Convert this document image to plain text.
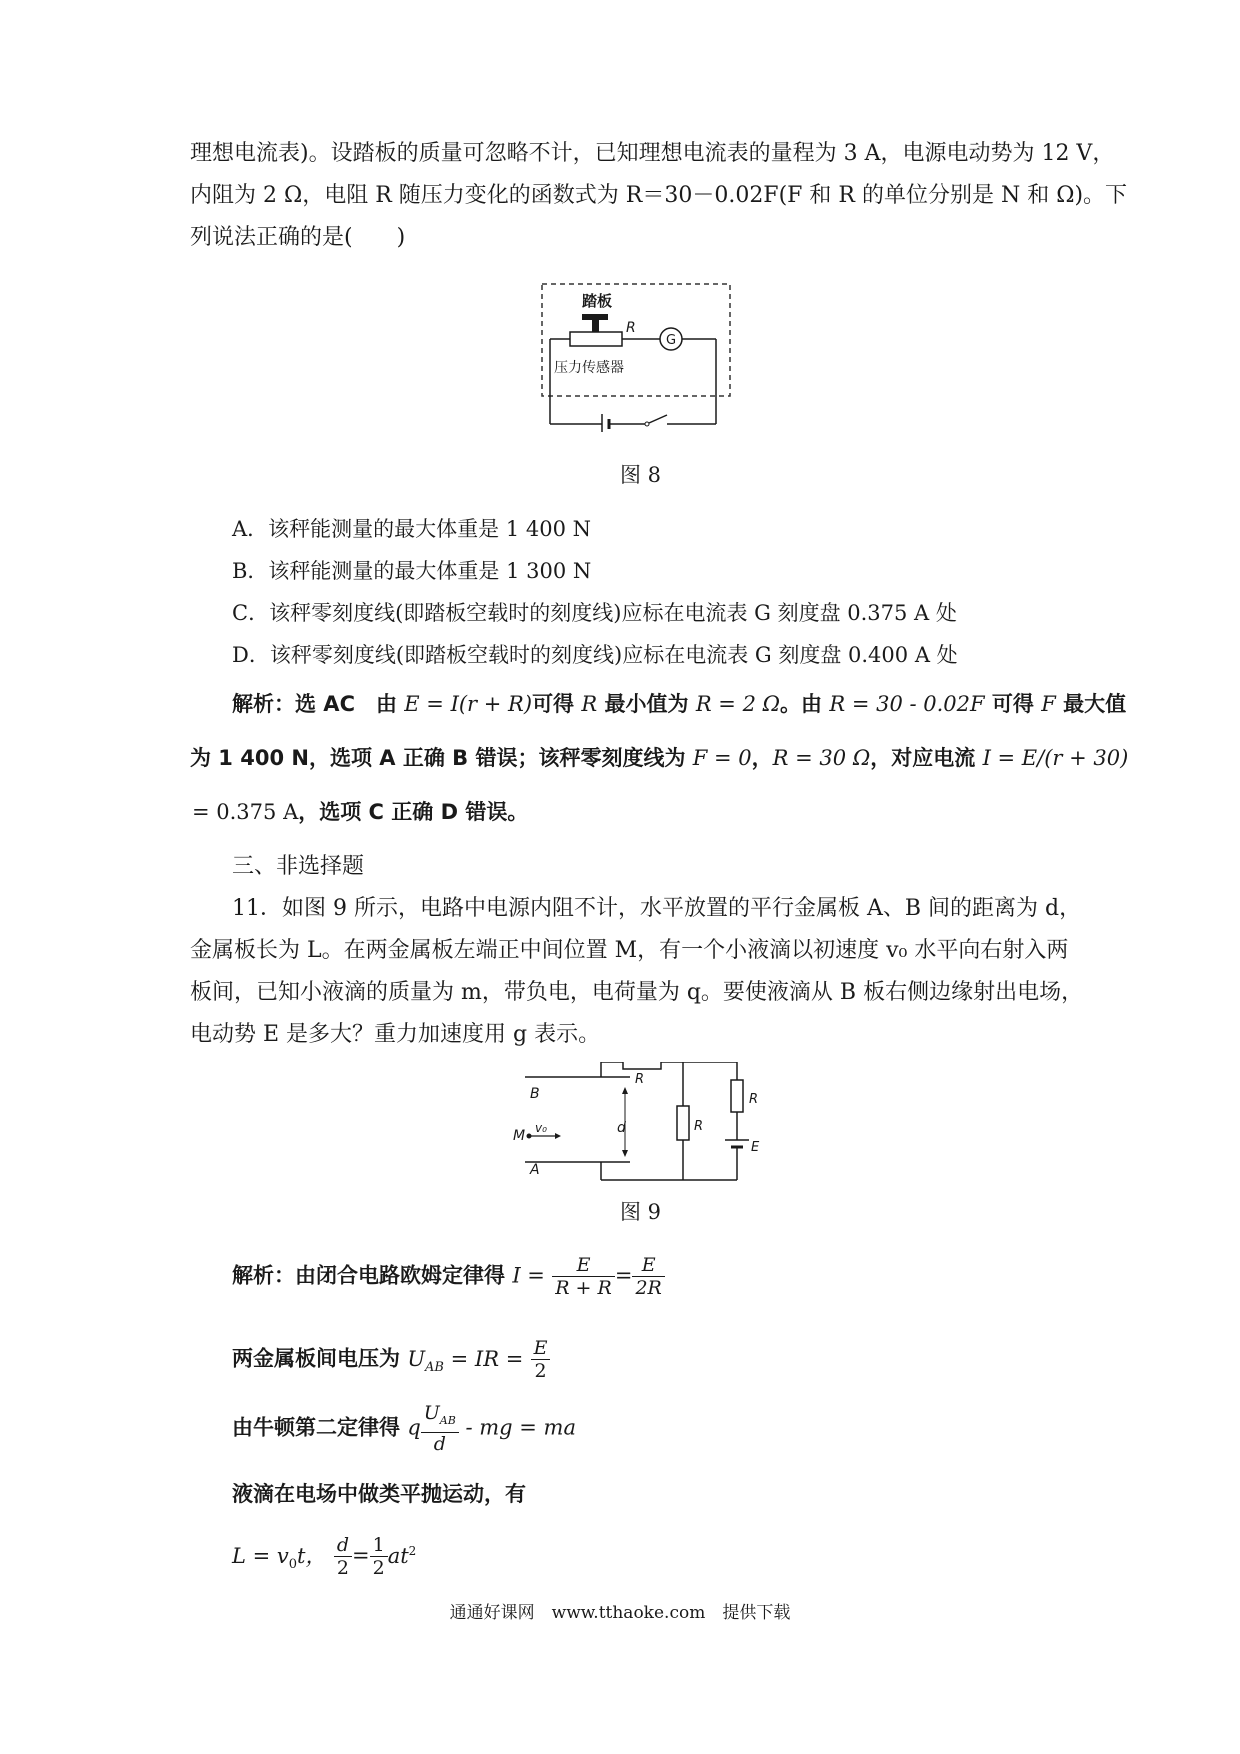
理想电流表)。设踏板的质量可忽略不计，已知理想电流表的量程为 3 A，电源电动势为 12 V，
内阻为 2 Ω，电阻 R 随压力变化的函数式为 R＝30－0.02F(F 和 R 的单位分别是 N 和 Ω)。下
列说法正确的是(　　)
踏板
R
G
压力传感器
图 8
A．该秤能测量的最大体重是 1 400 N
B．该秤能测量的最大体重是 1 300 N
C．该秤零刻度线(即踏板空载时的刻度线)应标在电流表 G 刻度盘 0.375 A 处
D．该秤零刻度线(即踏板空载时的刻度线)应标在电流表 G 刻度盘 0.400 A 处
解析：选 AC　由 E = I(r + R)可得 R 最小值为 R = 2 Ω。由 R = 30 - 0.02F 可得 F 最大值
为 1 400 N，选项 A 正确 B 错误；该秤零刻度线为 F = 0，R = 30 Ω，对应电流 I = E/(r + 30)
= 0.375 A，选项 C 正确 D 错误。
三、非选择题
11．如图 9 所示，电路中电源内阻不计，水平放置的平行金属板 A、B 间的距离为 d，
金属板长为 L。在两金属板左端正中间位置 M，有一个小液滴以初速度 v₀ 水平向右射入两
板间，已知小液滴的质量为 m，带负电，电荷量为 q。要使液滴从 B 板右侧边缘射出电场，
电动势 E 是多大？重力加速度用 g 表示。
B
A
M v₀	d
R
R
R
E
图 9
解析：由闭合电路欧姆定律得 $I = \frac{E}{R + R} = \frac{E}{2R}$
两金属板间电压为 $U_{AB}$ = IR = $\frac{E}{2}$
由牛顿第二定律得 q $\frac{U_{AB}}{d}$ - mg = ma
液滴在电场中做类平抛运动，有
$L = v_0t$， $\frac{d}{2} = \frac{1}{2} at^2$
通通好课网　www.tthaoke.com　提供下载
